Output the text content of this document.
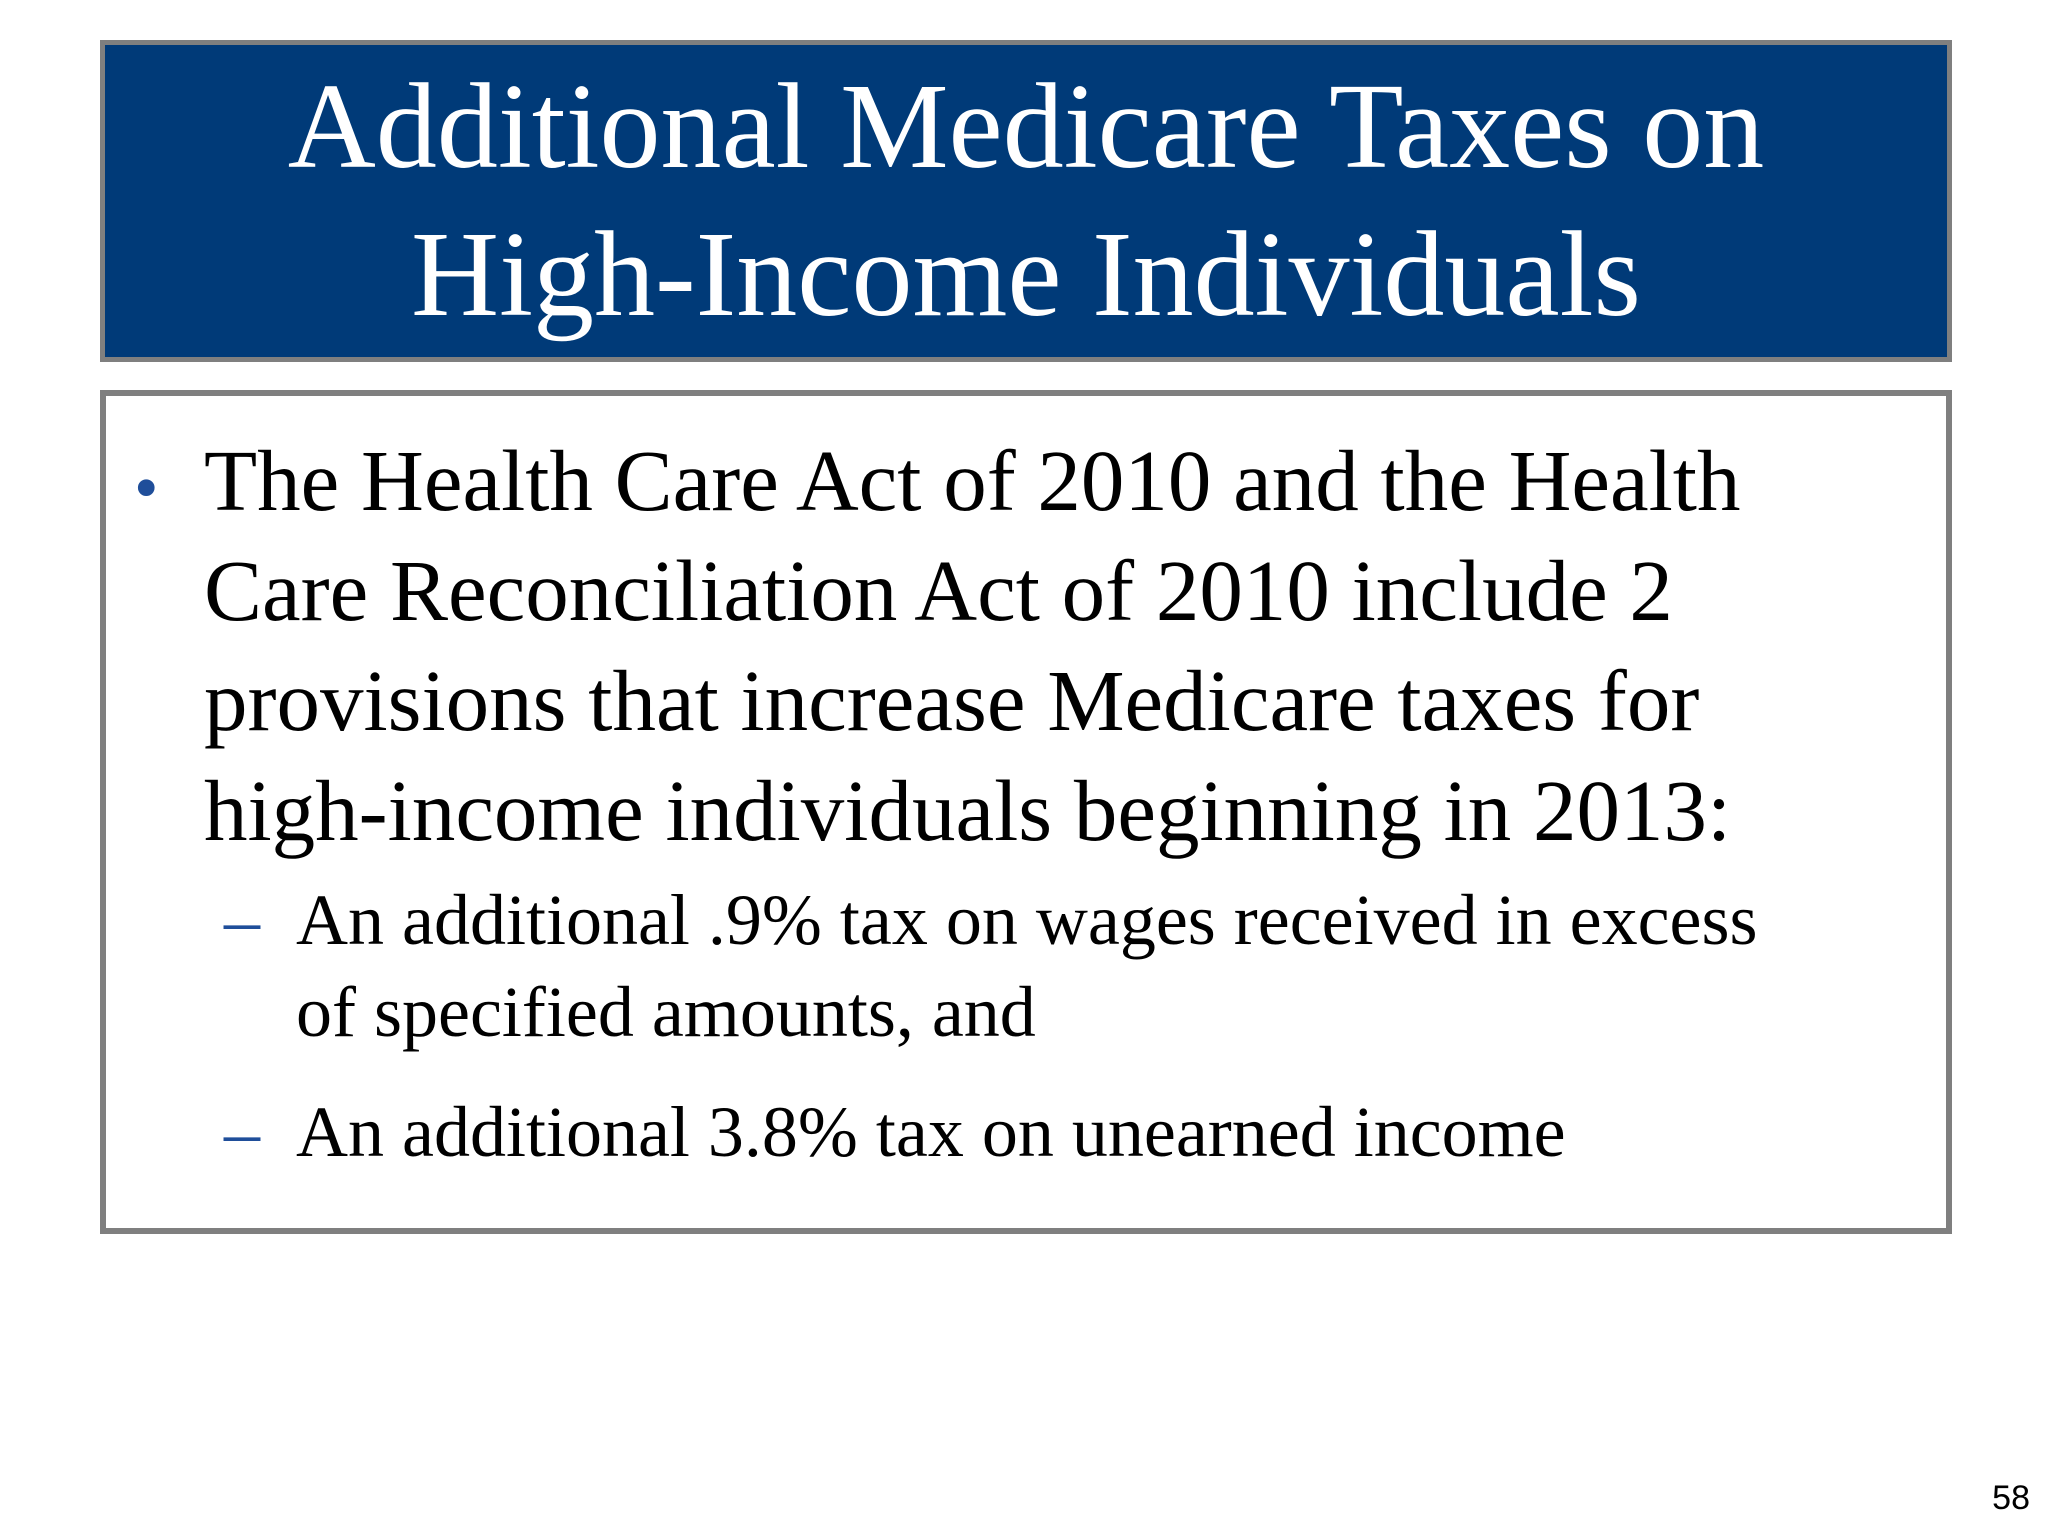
Additional Medicare Taxes on
High-Income Individuals
• The Health Care Act of 2010 and the Health
Care Reconciliation Act of 2010 include 2
provisions that increase Medicare taxes for
high-income individuals beginning in 2013:
– An additional .9% tax on wages received in excess
of specified amounts, and
– An additional 3.8% tax on unearned income
58
